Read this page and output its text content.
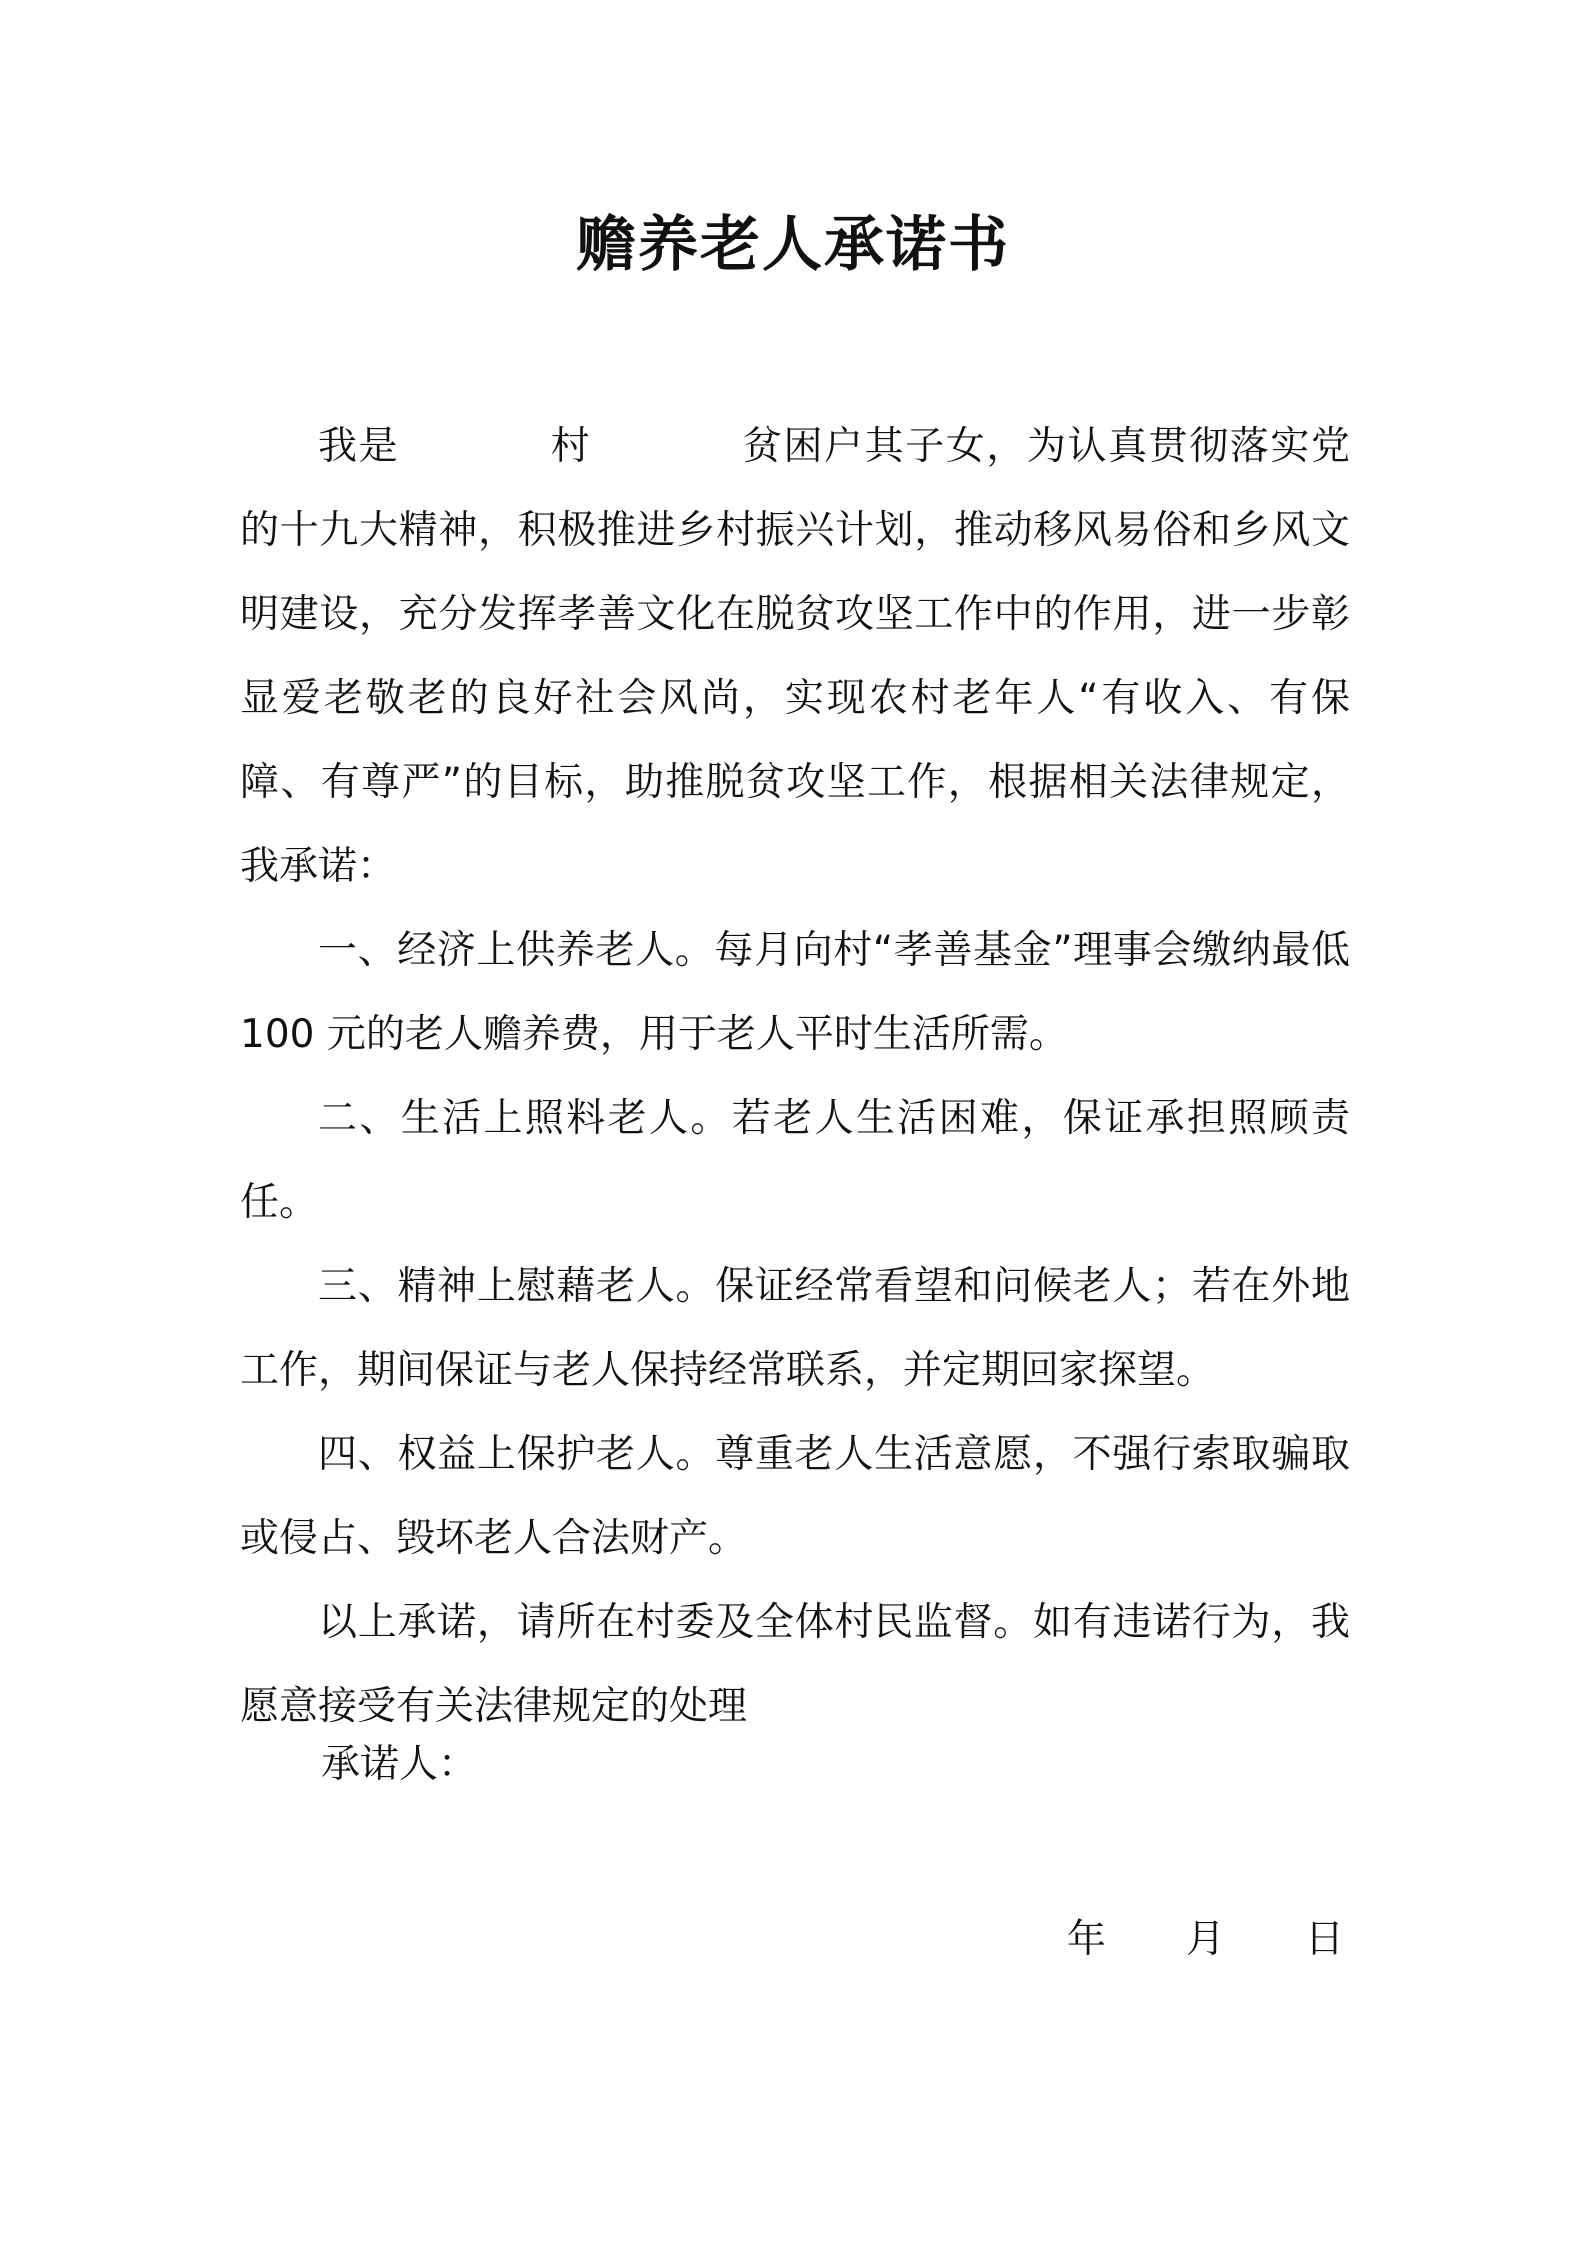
赡养老人承诺书

我是	村	贫困户其子女，为认真贯彻落实党的十九大精神，积极推进乡村振兴计划，推动移风易俗和乡风文明建设，充分发挥孝善文化在脱贫攻坚工作中的作用，进一步彰显爱老敬老的良好社会风尚，实现农村老年人“有收入、有保障、有尊严”的目标，助推脱贫攻坚工作，根据相关法律规定，我承诺：

一、经济上供养老人。每月向村“孝善基金”理事会缴纳最低 100 元的老人赡养费，用于老人平时生活所需。

二、生活上照料老人。若老人生活困难，保证承担照顾责任。

三、精神上慰藉老人。保证经常看望和问候老人；若在外地工作，期间保证与老人保持经常联系，并定期回家探望。

四、权益上保护老人。尊重老人生活意愿，不强行索取骗取或侵占、毁坏老人合法财产。

以上承诺，请所在村委及全体村民监督。如有违诺行为，我愿意接受有关法律规定的处理

承诺人：
年 月 日
